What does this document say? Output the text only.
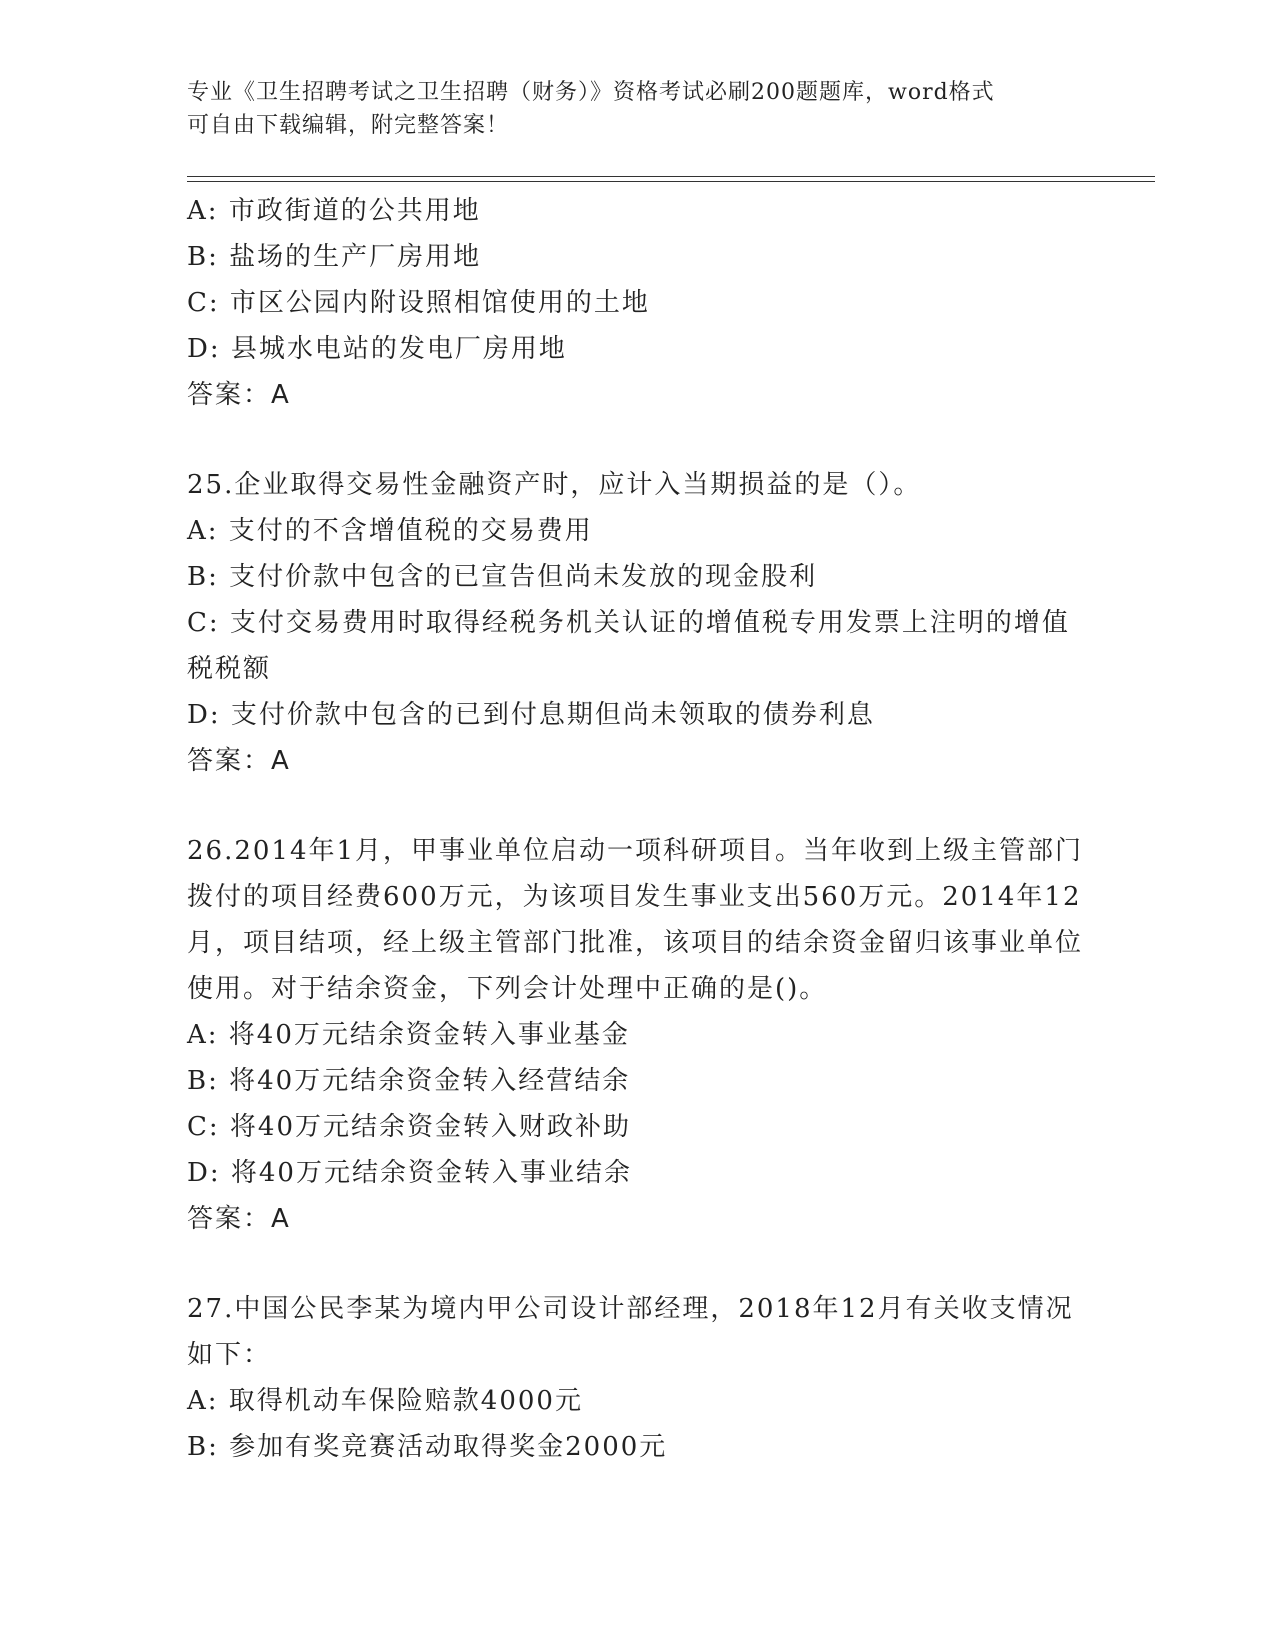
专业《卫生招聘考试之卫生招聘（财务）》资格考试必刷200题题库，word格式
可自由下载编辑，附完整答案！
A: 市政街道的公共用地
B: 盐场的生产厂房用地
C: 市区公园内附设照相馆使用的土地
D: 县城水电站的发电厂房用地
答案：A
25.企业取得交易性金融资产时，应计入当期损益的是（）。
A: 支付的不含增值税的交易费用
B: 支付价款中包含的已宣告但尚未发放的现金股利
C: 支付交易费用时取得经税务机关认证的增值税专用发票上注明的增值税税额
D: 支付价款中包含的已到付息期但尚未领取的债券利息
答案：A
26.2014年1月，甲事业单位启动一项科研项目。当年收到上级主管部门拨付的项目经费600万元，为该项目发生事业支出560万元。2014年12月，项目结项，经上级主管部门批准，该项目的结余资金留归该事业单位使用。对于结余资金，下列会计处理中正确的是()。
A: 将40万元结余资金转入事业基金
B: 将40万元结余资金转入经营结余
C: 将40万元结余资金转入财政补助
D: 将40万元结余资金转入事业结余
答案：A
27.中国公民李某为境内甲公司设计部经理，2018年12月有关收支情况如下：
A: 取得机动车保险赔款4000元
B: 参加有奖竞赛活动取得奖金2000元
